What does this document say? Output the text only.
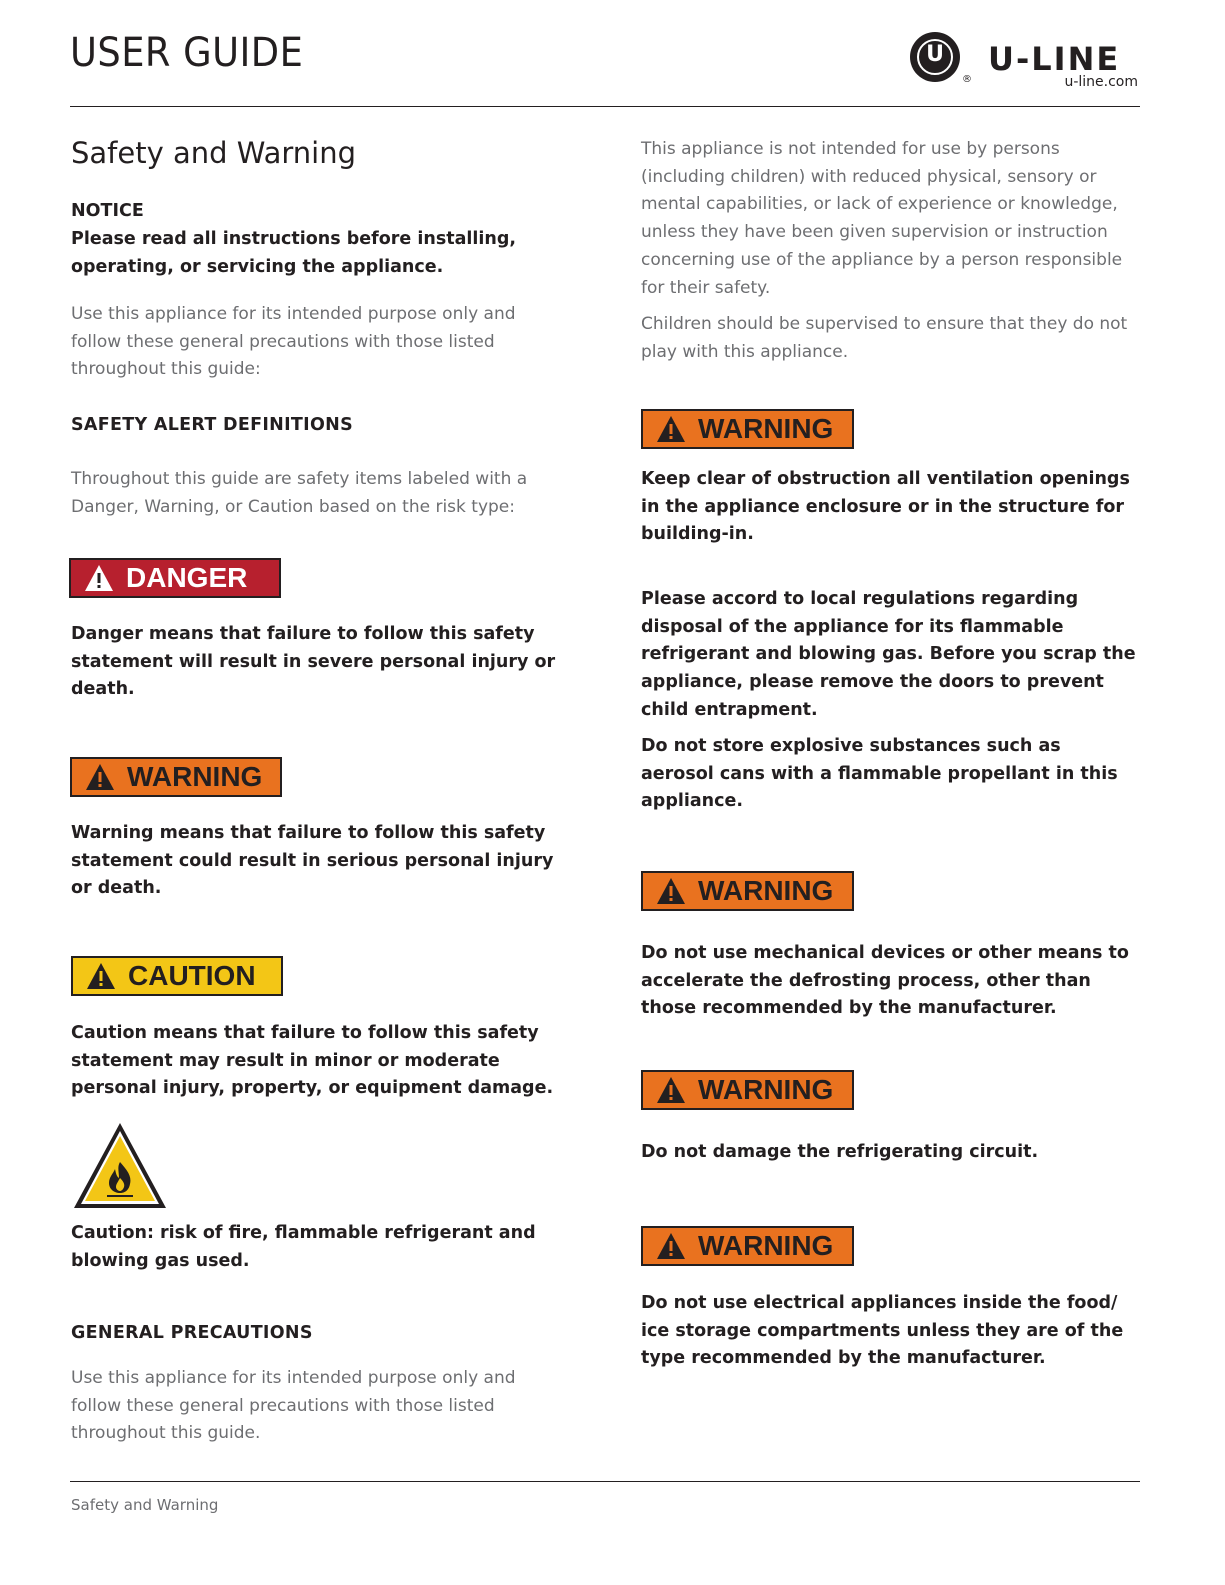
USER GUIDE	U
®
U-LINE
u-line.com
Safety and Warning
NOTICE
Please read all instructions before installing, operating, or servicing the appliance.
Use this appliance for its intended purpose only and follow these general precautions with those listed throughout this guide:
SAFETY ALERT DEFINITIONS
Throughout this guide are safety items labeled with a Danger, Warning, or Caution based on the risk type:
DANGER
Danger means that failure to follow this safety statement will result in severe personal injury or death.
WARNING
Warning means that failure to follow this safety statement could result in serious personal injury or death.
CAUTION
Caution means that failure to follow this safety statement may result in minor or moderate personal injury, property, or equipment damage.
Caution: risk of fire, flammable refrigerant and blowing gas used.
GENERAL PRECAUTIONS
Use this appliance for its intended purpose only and follow these general precautions with those listed throughout this guide.
This appliance is not intended for use by persons (including children) with reduced physical, sensory or mental capabilities, or lack of experience or knowledge, unless they have been given supervision or instruction concerning use of the appliance by a person responsible for their safety.
Children should be supervised to ensure that they do not play with this appliance.
WARNING
Keep clear of obstruction all ventilation openings in the appliance enclosure or in the structure for building-in.
Please accord to local regulations regarding disposal of the appliance for its flammable refrigerant and blowing gas. Before you scrap the appliance, please remove the doors to prevent child entrapment.
Do not store explosive substances such as aerosol cans with a flammable propellant in this appliance.
WARNING
Do not use mechanical devices or other means to accelerate the defrosting process, other than those recommended by the manufacturer.
WARNING
Do not damage the refrigerating circuit.
WARNING
Do not use electrical appliances inside the food/ ice storage compartments unless they are of the type recommended by the manufacturer.
Safety and Warning
